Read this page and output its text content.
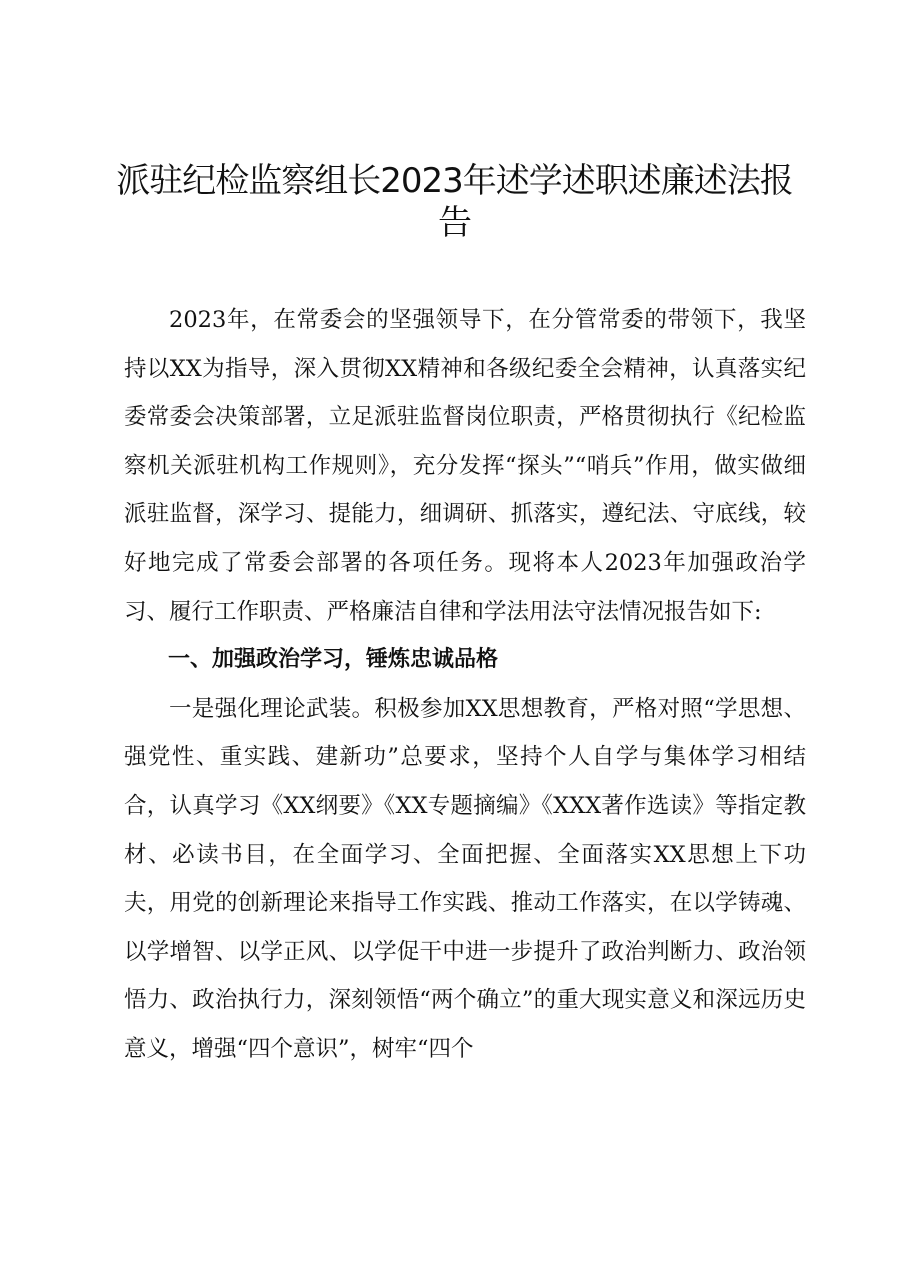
派驻纪检监察组长2023年述学述职述廉述法报告

2023年，在常委会的坚强领导下，在分管常委的带领下，我坚持以XX为指导，深入贯彻XX精神和各级纪委全会精神，认真落实纪委常委会决策部署，立足派驻监督岗位职责，严格贯彻执行《纪检监察机关派驻机构工作规则》，充分发挥“探头”“哨兵”作用，做实做细派驻监督，深学习、提能力，细调研、抓落实，遵纪法、守底线，较好地完成了常委会部署的各项任务。现将本人2023年加强政治学习、履行工作职责、严格廉洁自律和学法用法守法情况报告如下:

一、加强政治学习，锤炼忠诚品格

一是强化理论武装。积极参加XX思想教育，严格对照“学思想、强党性、重实践、建新功”总要求，坚持个人自学与集体学习相结合，认真学习《XX纲要》《XX专题摘编》《XXX著作选读》等指定教材、必读书目，在全面学习、全面把握、全面落实XX思想上下功夫，用党的创新理论来指导工作实践、推动工作落实，在以学铸魂、以学增智、以学正风、以学促干中进一步提升了政治判断力、政治领悟力、政治执行力，深刻领悟“两个确立”的重大现实意义和深远历史意义，增强“四个意识”，树牢“四个
